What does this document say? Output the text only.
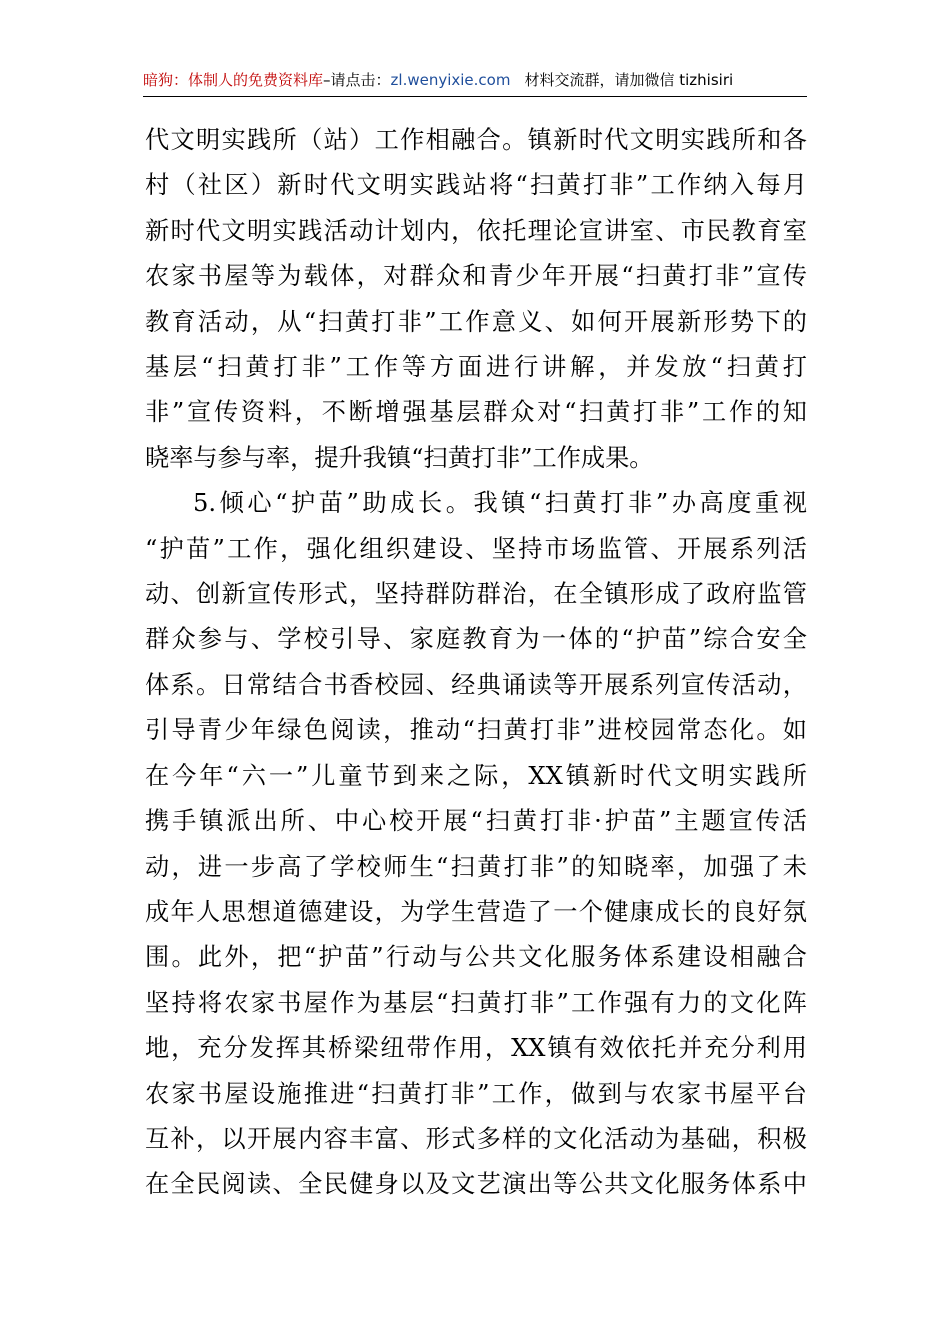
暗狗：体制人的免费资料库–请点击：zl.wenyixie.com 材料交流群，请加微信 tizhisiri

代文明实践所（站）工作相融合。镇新时代文明实践所和各
村（社区）新时代文明实践站将“扫黄打非”工作纳入每月
新时代文明实践活动计划内，依托理论宣讲室、市民教育室
农家书屋等为载体，对群众和青少年开展“扫黄打非”宣传
教育活动，从“扫黄打非”工作意义、如何开展新形势下的
基层“扫黄打非”工作等方面进行讲解，并发放“扫黄打
非”宣传资料，不断增强基层群众对“扫黄打非”工作的知
晓率与参与率，提升我镇“扫黄打非”工作成果。

5.倾心“护苗”助成长。我镇“扫黄打非”办高度重视
“护苗”工作，强化组织建设、坚持市场监管、开展系列活
动、创新宣传形式，坚持群防群治，在全镇形成了政府监管
群众参与、学校引导、家庭教育为一体的“护苗”综合安全
体系。日常结合书香校园、经典诵读等开展系列宣传活动，
引导青少年绿色阅读，推动“扫黄打非”进校园常态化。如
在今年“六一”儿童节到来之际，XX镇新时代文明实践所
携手镇派出所、中心校开展“扫黄打非·护苗”主题宣传活
动，进一步高了学校师生“扫黄打非”的知晓率，加强了未
成年人思想道德建设，为学生营造了一个健康成长的良好氛
围。此外，把“护苗”行动与公共文化服务体系建设相融合
坚持将农家书屋作为基层“扫黄打非”工作强有力的文化阵
地，充分发挥其桥梁纽带作用，XX镇有效依托并充分利用
农家书屋设施推进“扫黄打非”工作，做到与农家书屋平台
互补，以开展内容丰富、形式多样的文化活动为基础，积极
在全民阅读、全民健身以及文艺演出等公共文化服务体系中
